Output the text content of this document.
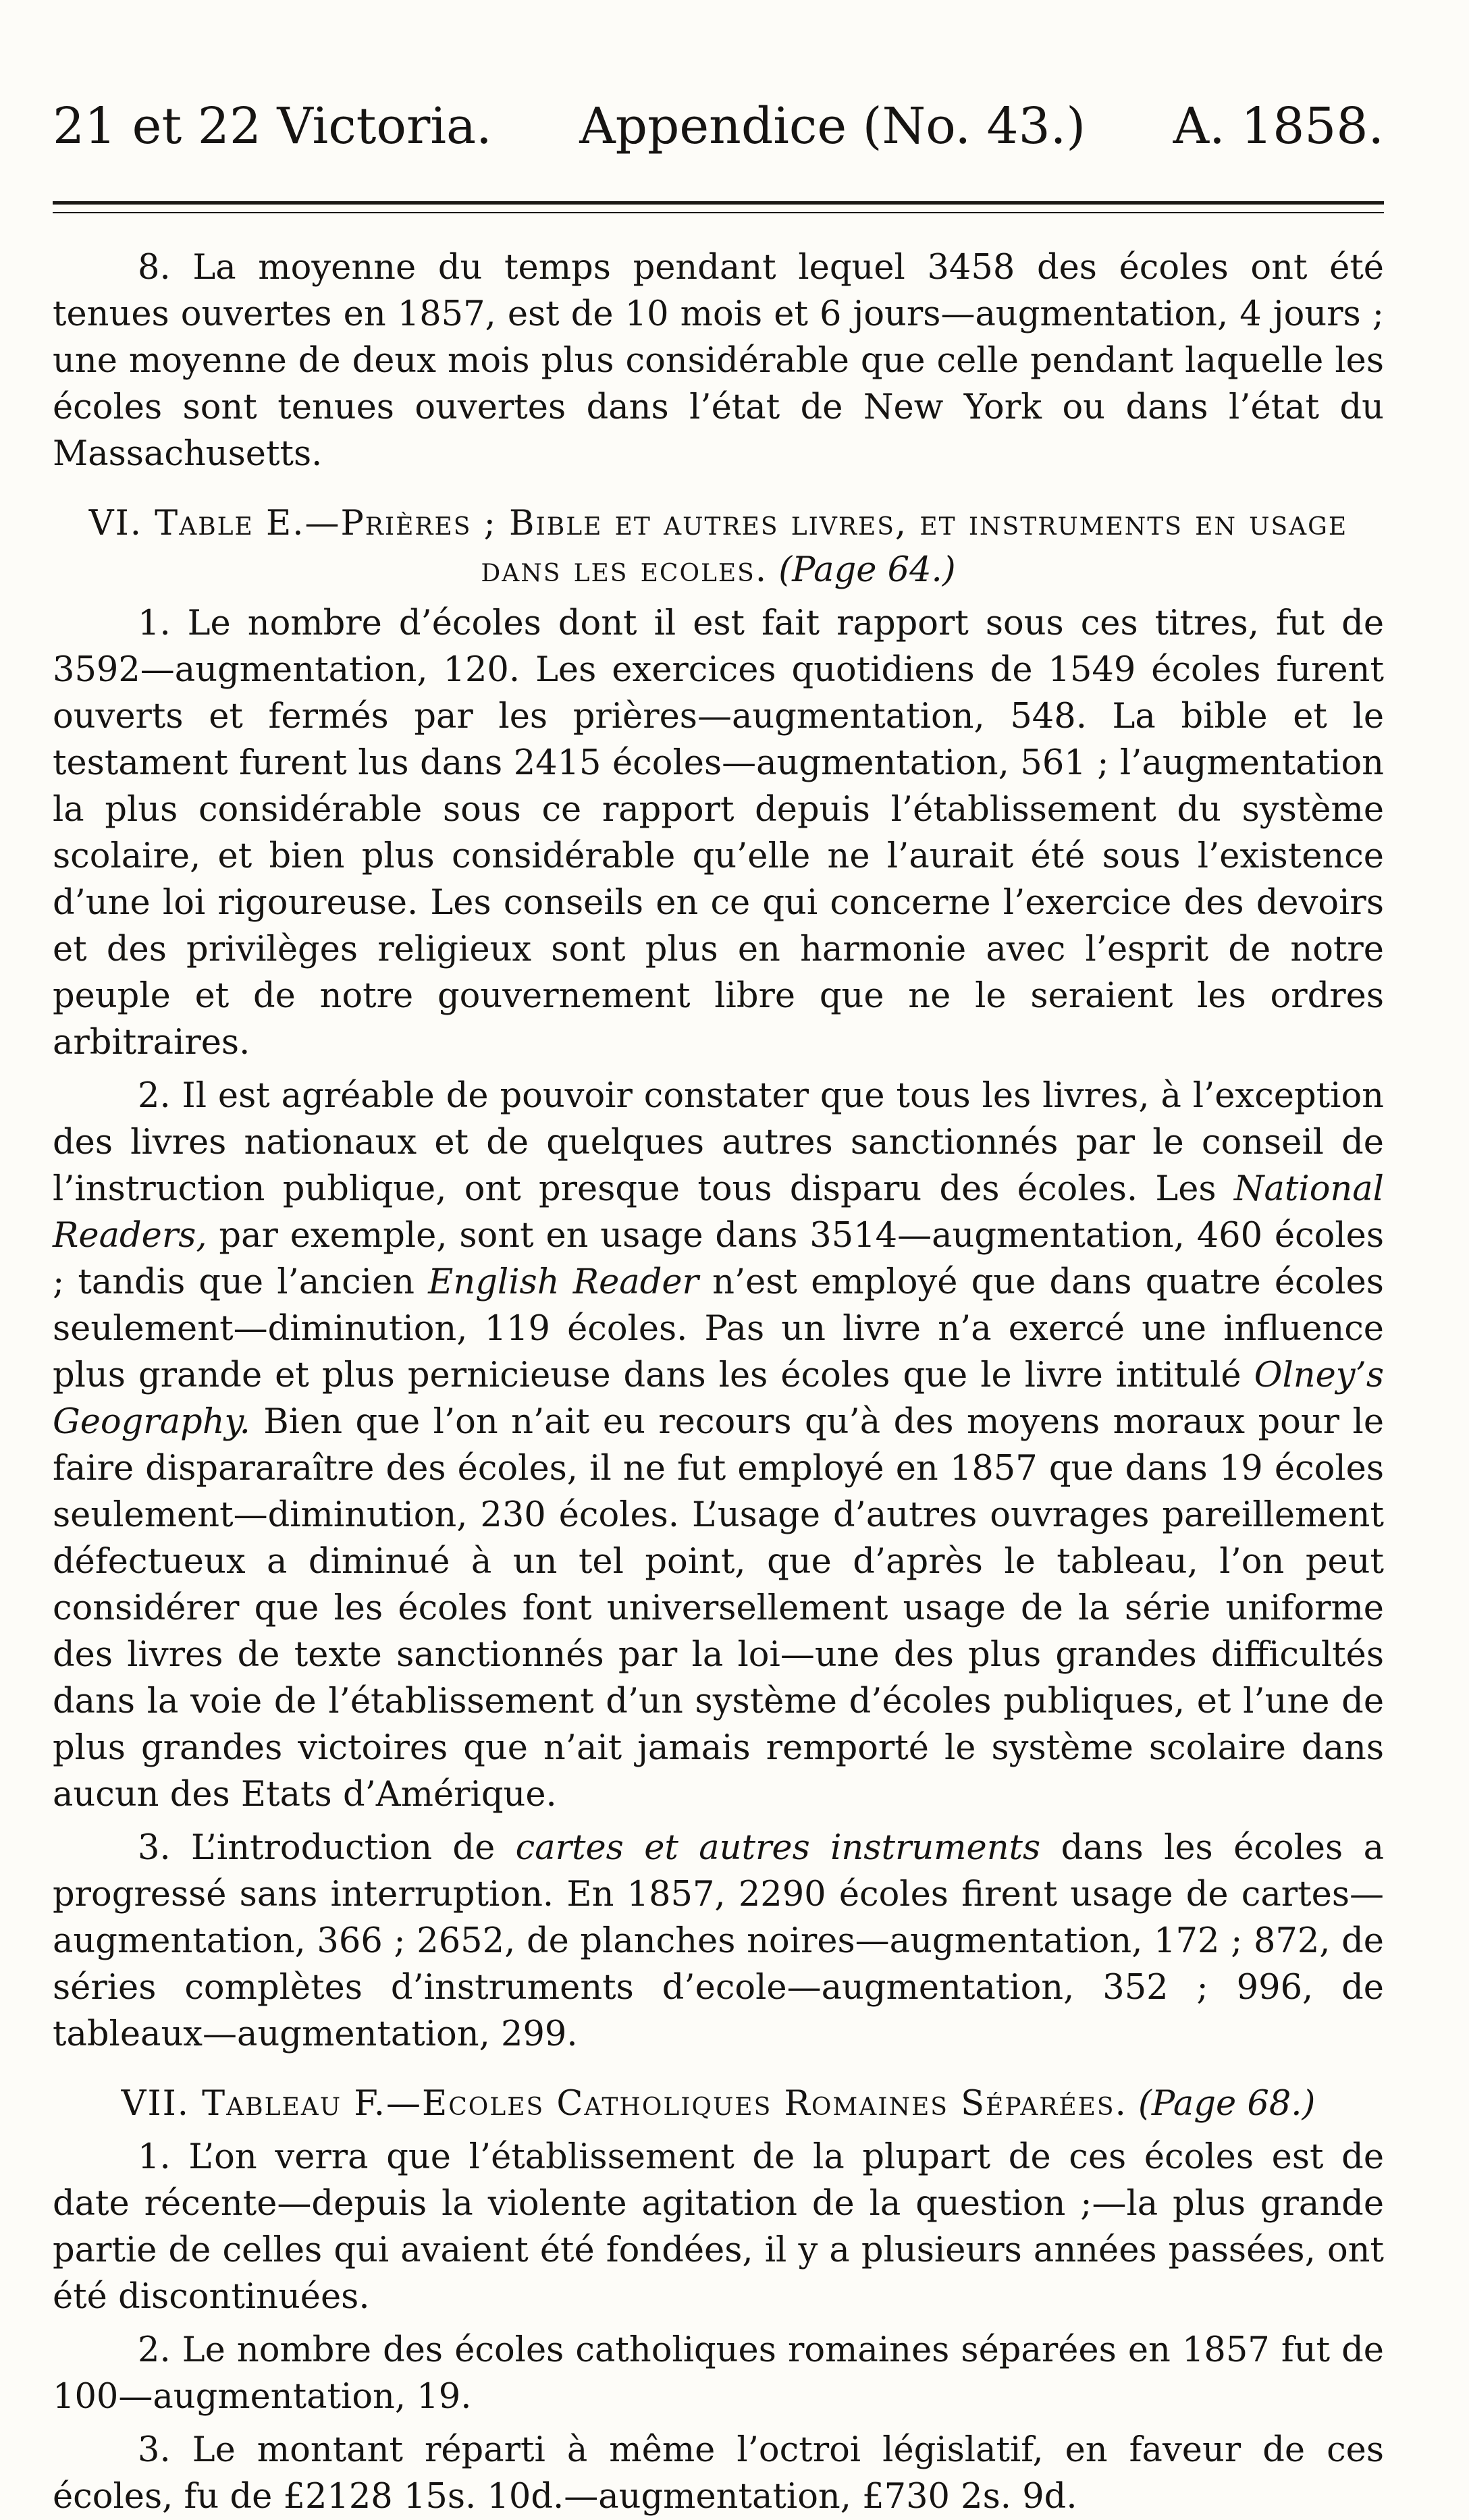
21 et 22 Victoria. Appendice (No. 43.) A. 1858.

8. La moyenne du temps pendant lequel 3458 des écoles ont été tenues ouvertes en 1857, est de 10 mois et 6 jours—augmentation, 4 jours ; une moyenne de deux mois plus considérable que celle pendant laquelle les écoles sont tenues ouvertes dans l’état de New York ou dans l’état du Massachusetts.

VI. Table E.—Prières ; Bible et autres livres, et instruments en usage dans les ecoles. (Page 64.)

1. Le nombre d’écoles dont il est fait rapport sous ces titres, fut de 3592—augmentation, 120. Les exercices quotidiens de 1549 écoles furent ouverts et fermés par les prières—augmentation, 548. La bible et le testament furent lus dans 2415 écoles—augmentation, 561 ; l’augmentation la plus considérable sous ce rapport depuis l’établissement du système scolaire, et bien plus considérable qu’elle ne l’aurait été sous l’existence d’une loi rigoureuse. Les conseils en ce qui concerne l’exercice des devoirs et des privilèges religieux sont plus en harmonie avec l’esprit de notre peuple et de notre gouvernement libre que ne le seraient les ordres arbitraires.

2. Il est agréable de pouvoir constater que tous les livres, à l’exception des livres nationaux et de quelques autres sanctionnés par le conseil de l’instruction publique, ont presque tous disparu des écoles. Les National Readers, par exemple, sont en usage dans 3514—augmentation, 460 écoles ; tandis que l’ancien English Reader n’est employé que dans quatre écoles seulement—diminution, 119 écoles. Pas un livre n’a exercé une influence plus grande et plus pernicieuse dans les écoles que le livre intitulé Olney’s Geography. Bien que l’on n’ait eu recours qu’à des moyens moraux pour le faire dispararaître des écoles, il ne fut employé en 1857 que dans 19 écoles seulement—diminution, 230 écoles. L’usage d’autres ouvrages pareillement défectueux a diminué à un tel point, que d’après le tableau, l’on peut considérer que les écoles font universellement usage de la série uniforme des livres de texte sanctionnés par la loi—une des plus grandes difficultés dans la voie de l’établissement d’un système d’écoles publiques, et l’une de plus grandes victoires que n’ait jamais remporté le système scolaire dans aucun des Etats d’Amérique.

3. L’introduction de cartes et autres instruments dans les écoles a progressé sans interruption. En 1857, 2290 écoles firent usage de cartes—augmentation, 366 ; 2652, de planches noires—augmentation, 172 ; 872, de séries complètes d’instruments d’ecole—augmentation, 352 ; 996, de tableaux—augmentation, 299.

VII. Tableau F.—Ecoles Catholiques Romaines Séparées. (Page 68.)

1. L’on verra que l’établissement de la plupart de ces écoles est de date récente—depuis la violente agitation de la question ;—la plus grande partie de celles qui avaient été fondées, il y a plusieurs années passées, ont été discontinuées.

2. Le nombre des écoles catholiques romaines séparées en 1857 fut de 100—augmentation, 19.

3. Le montant réparti à même l’octroi législatif, en faveur de ces écoles, fu de £2128 15s. 10d.—augmentation, £730 2s. 9d.
